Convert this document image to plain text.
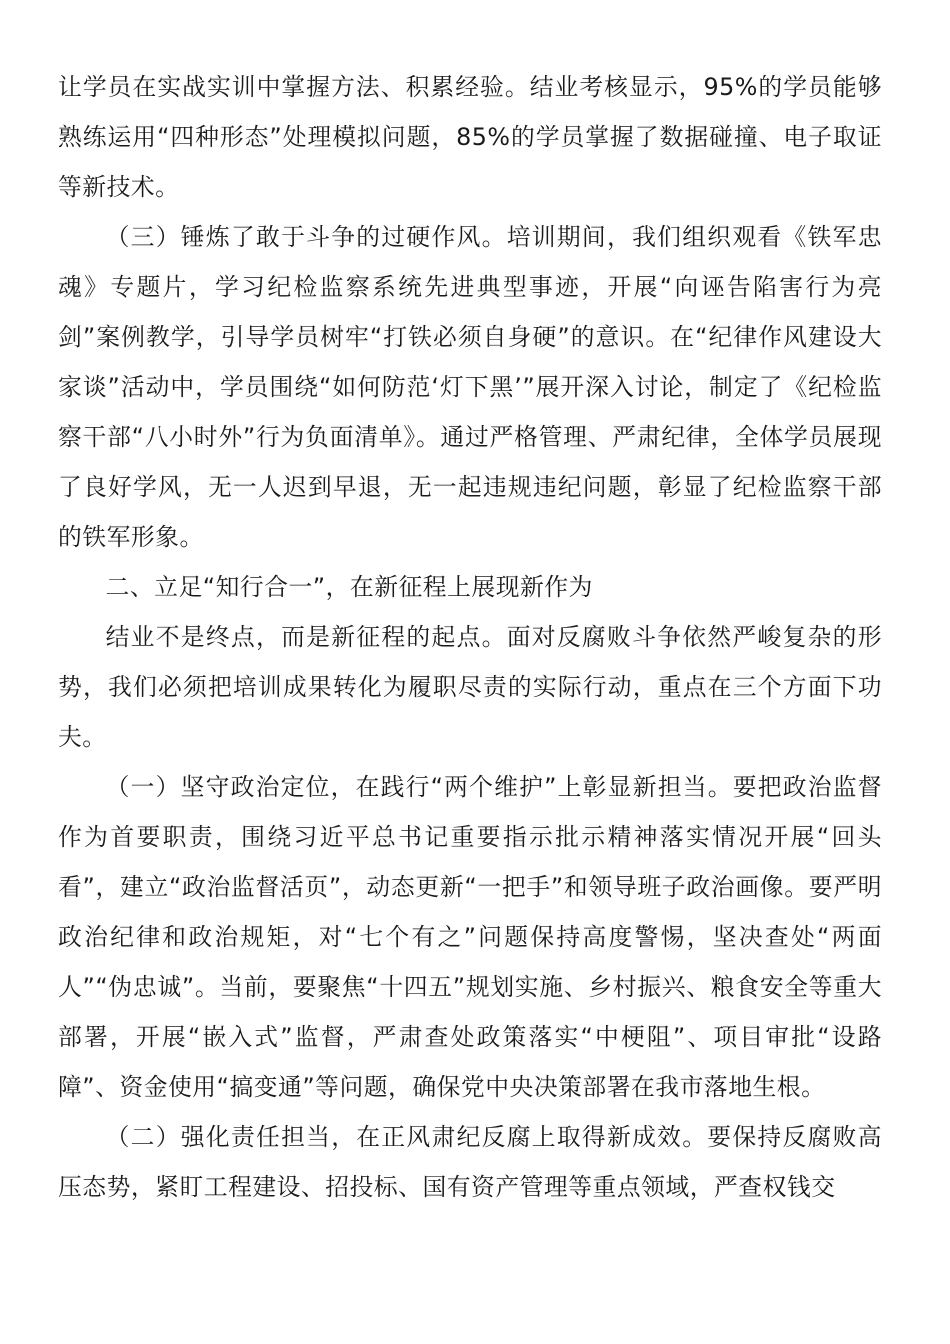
让学员在实战实训中掌握方法、积累经验。结业考核显示，95%的学员能够熟练运用“四种形态”处理模拟问题，85%的学员掌握了数据碰撞、电子取证等新技术。

（三）锤炼了敢于斗争的过硬作风。培训期间，我们组织观看《铁军忠魂》专题片，学习纪检监察系统先进典型事迹，开展“向诬告陷害行为亮剑”案例教学，引导学员树牢“打铁必须自身硬”的意识。在“纪律作风建设大家谈”活动中，学员围绕“如何防范‘灯下黑’”展开深入讨论，制定了《纪检监察干部“八小时外”行为负面清单》。通过严格管理、严肃纪律，全体学员展现了良好学风，无一人迟到早退，无一起违规违纪问题，彰显了纪检监察干部的铁军形象。

二、立足“知行合一”，在新征程上展现新作为

结业不是终点，而是新征程的起点。面对反腐败斗争依然严峻复杂的形势，我们必须把培训成果转化为履职尽责的实际行动，重点在三个方面下功夫。

（一）坚守政治定位，在践行“两个维护”上彰显新担当。要把政治监督作为首要职责，围绕习近平总书记重要指示批示精神落实情况开展“回头看”，建立“政治监督活页”，动态更新“一把手”和领导班子政治画像。要严明政治纪律和政治规矩，对“七个有之”问题保持高度警惕，坚决查处“两面人”“伪忠诚”。当前，要聚焦“十四五”规划实施、乡村振兴、粮食安全等重大部署，开展“嵌入式”监督，严肃查处政策落实“中梗阻”、项目审批“设路障”、资金使用“搞变通”等问题，确保党中央决策部署在我市落地生根。

（二）强化责任担当，在正风肃纪反腐上取得新成效。要保持反腐败高压态势，紧盯工程建设、招投标、国有资产管理等重点领域，严查权钱交
